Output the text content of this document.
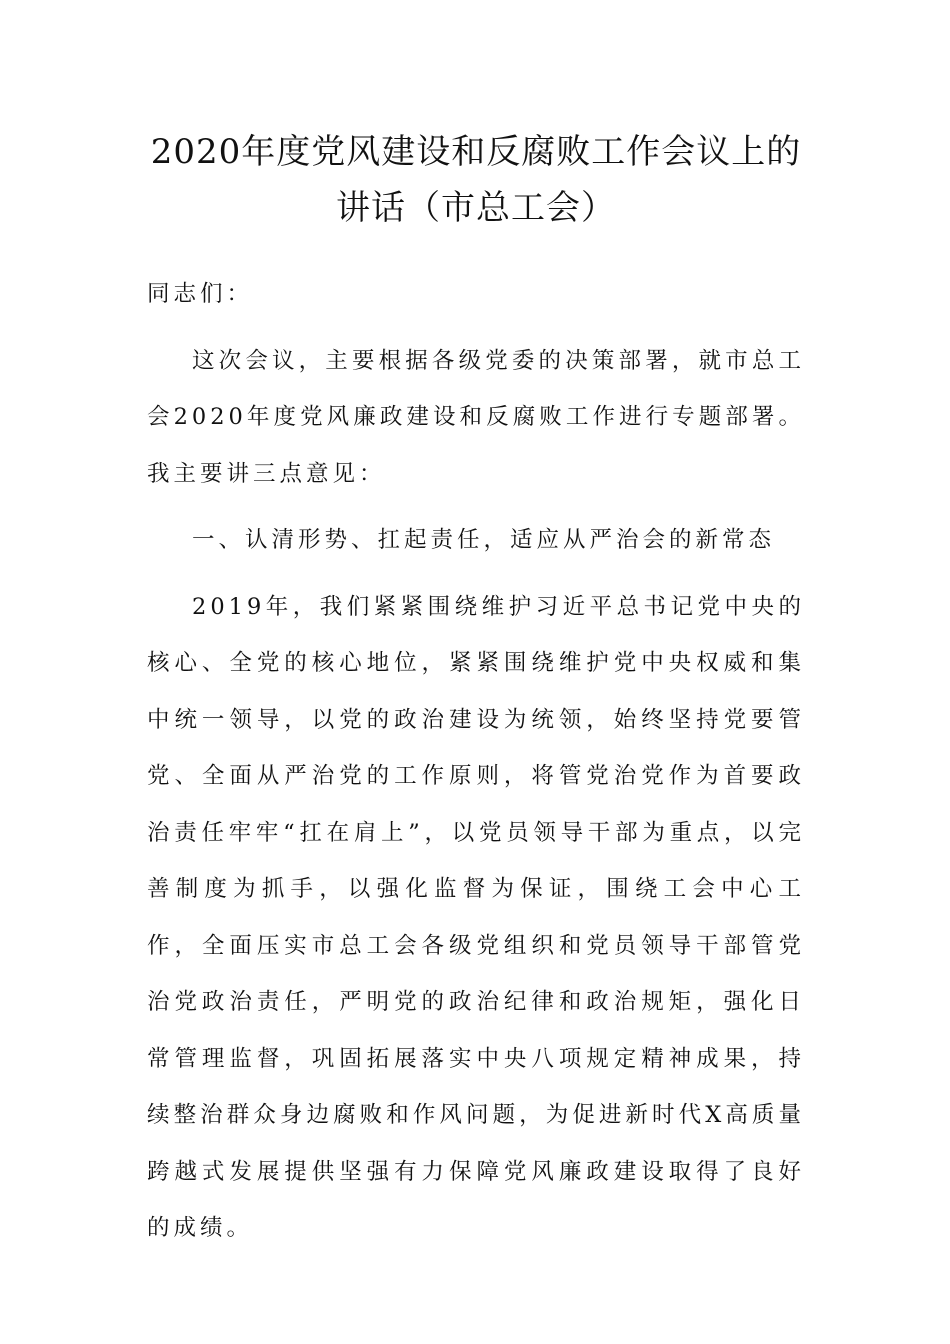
2020年度党风建设和反腐败工作会议上的
讲话（市总工会）

同志们：

这次会议，主要根据各级党委的决策部署，就市总工会2020年度党风廉政建设和反腐败工作进行专题部署。我主要讲三点意见：

一、认清形势、扛起责任，适应从严治会的新常态

2019年，我们紧紧围绕维护习近平总书记党中央的核心、全党的核心地位，紧紧围绕维护党中央权威和集中统一领导，以党的政治建设为统领，始终坚持党要管党、全面从严治党的工作原则，将管党治党作为首要政治责任牢牢“扛在肩上”，以党员领导干部为重点，以完善制度为抓手，以强化监督为保证，围绕工会中心工作，全面压实市总工会各级党组织和党员领导干部管党治党政治责任，严明党的政治纪律和政治规矩，强化日常管理监督，巩固拓展落实中央八项规定精神成果，持续整治群众身边腐败和作风问题，为促进新时代X高质量跨越式发展提供坚强有力保障党风廉政建设取得了良好的成绩。
